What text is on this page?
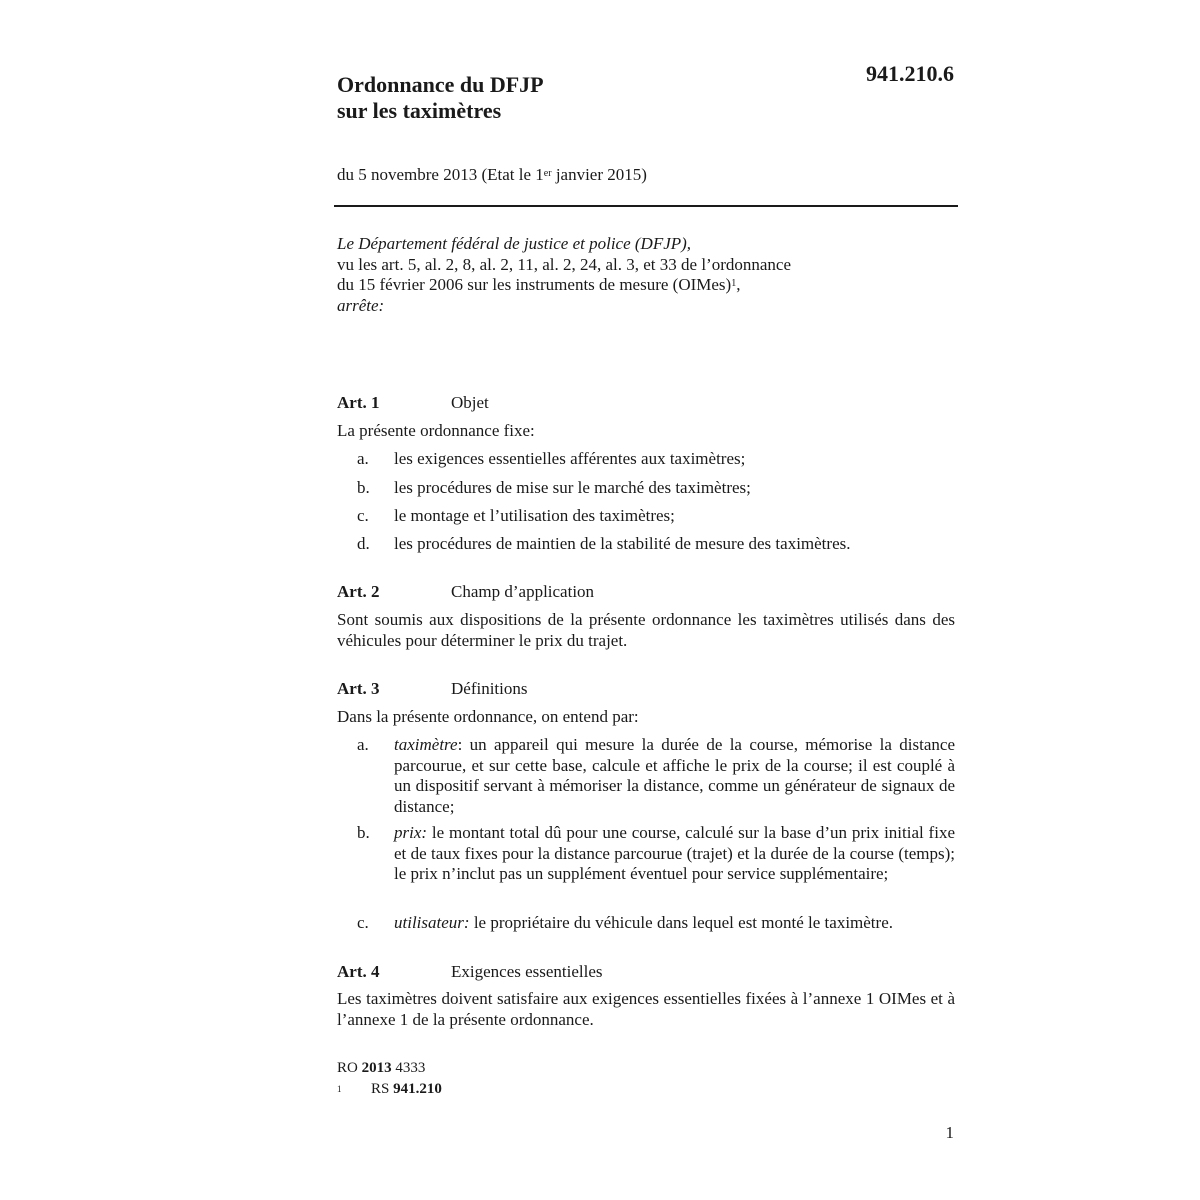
Ordonnance du DFJP
sur les taximètres
941.210.6
du 5 novembre 2013 (Etat le 1er janvier 2015)
Le Département fédéral de justice et police (DFJP),
vu les art. 5, al. 2, 8, al. 2, 11, al. 2, 24, al. 3, et 33 de l’ordonnance
du 15 février 2006 sur les instruments de mesure (OIMes)$^1$,
arrête:
Art. 1	Objet
La présente ordonnance fixe:
a.	les exigences essentielles afférentes aux taximètres;
b.	les procédures de mise sur le marché des taximètres;
c.	le montage et l’utilisation des taximètres;
d.	les procédures de maintien de la stabilité de mesure des taximètres.
Art. 2	Champ d’application
Sont soumis aux dispositions de la présente ordonnance les taximètres utilisés dans des véhicules pour déterminer le prix du trajet.
Art. 3	Définitions
Dans la présente ordonnance, on entend par:
a.	taximètre: un appareil qui mesure la durée de la course, mémorise la distance parcourue, et sur cette base, calcule et affiche le prix de la course; il est couplé à un dispositif servant à mémoriser la distance, comme un générateur de signaux de distance;
b.	prix: le montant total dû pour une course, calculé sur la base d’un prix initial fixe et de taux fixes pour la distance parcourue (trajet) et la durée de la course (temps); le prix n’inclut pas un supplément éventuel pour service supplémentaire;
c.	utilisateur: le propriétaire du véhicule dans lequel est monté le taximètre.
Art. 4	Exigences essentielles
Les taximètres doivent satisfaire aux exigences essentielles fixées à l’annexe 1 OIMes et à l’annexe 1 de la présente ordonnance.
RO 2013 4333
$^1$ RS 941.210
1
